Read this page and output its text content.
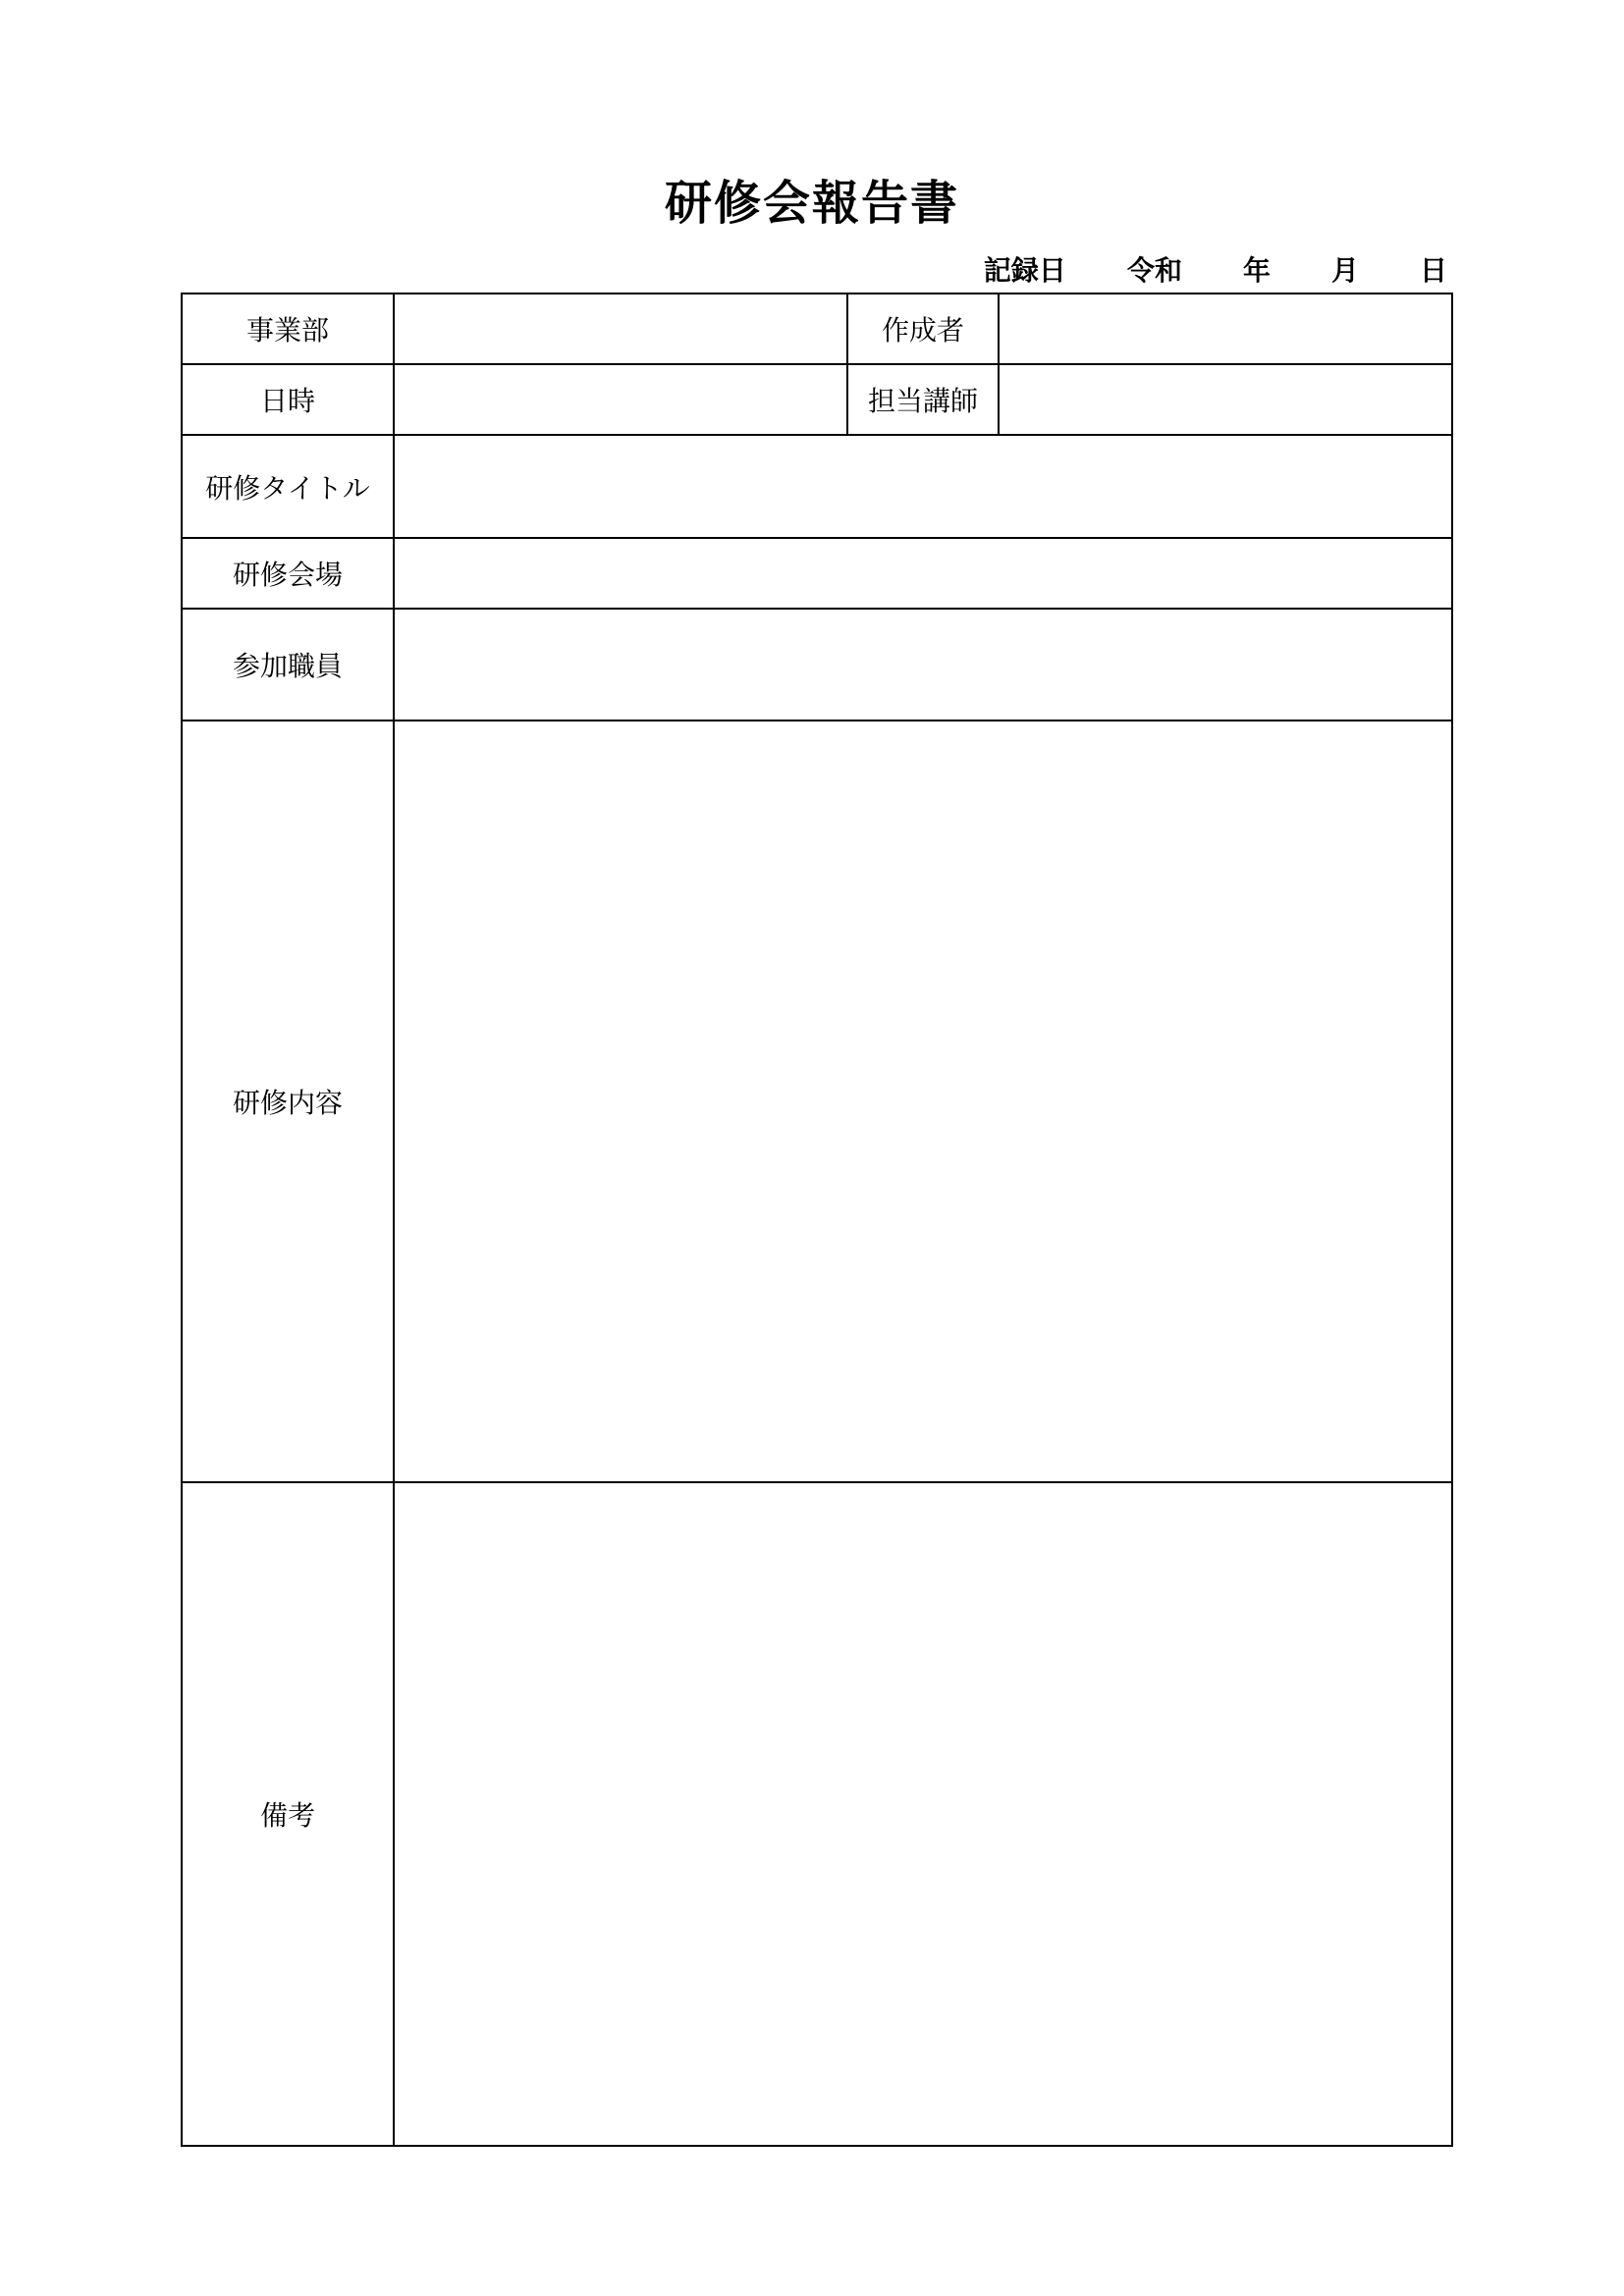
研修会報告書
記録日 令和 年 月 日
事業部		作成者	
日時		担当講師	
研修タイトル			
研修会場			
参加職員			
研修内容			
備考			
